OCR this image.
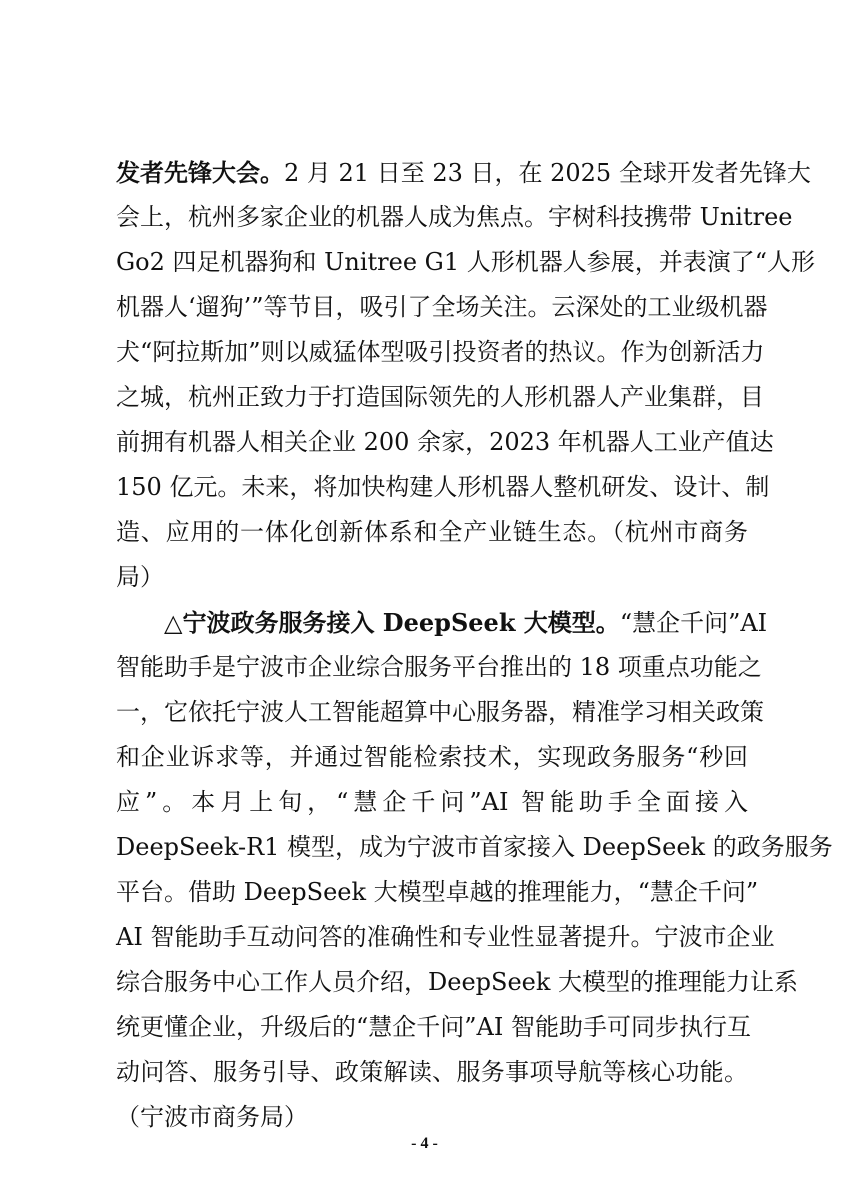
发者先锋大会。2 月 21 日至 23 日，在 2025 全球开发者先锋大
会上，杭州多家企业的机器人成为焦点。宇树科技携带 Unitree
Go2 四足机器狗和 Unitree G1 人形机器人参展，并表演了“人形
机器人‘遛狗’”等节目，吸引了全场关注。云深处的工业级机器
犬“阿拉斯加”则以威猛体型吸引投资者的热议。作为创新活力
之城，杭州正致力于打造国际领先的人形机器人产业集群，目
前拥有机器人相关企业 200 余家，2023 年机器人工业产值达
150 亿元。未来，将加快构建人形机器人整机研发、设计、制
造、应用的一体化创新体系和全产业链生态。（杭州市商务
局）
△宁波政务服务接入 DeepSeek 大模型。“慧企千问”AI
智能助手是宁波市企业综合服务平台推出的 18 项重点功能之
一，它依托宁波人工智能超算中心服务器，精准学习相关政策
和企业诉求等，并通过智能检索技术，实现政务服务“秒回
应”。本月上旬，“慧企千问”AI 智能助手全面接入
DeepSeek-R1 模型，成为宁波市首家接入 DeepSeek 的政务服务
平台。借助 DeepSeek 大模型卓越的推理能力，“慧企千问”
AI 智能助手互动问答的准确性和专业性显著提升。宁波市企业
综合服务中心工作人员介绍，DeepSeek 大模型的推理能力让系
统更懂企业，升级后的“慧企千问”AI 智能助手可同步执行互
动问答、服务引导、政策解读、服务事项导航等核心功能。
（宁波市商务局）
- 4 -
